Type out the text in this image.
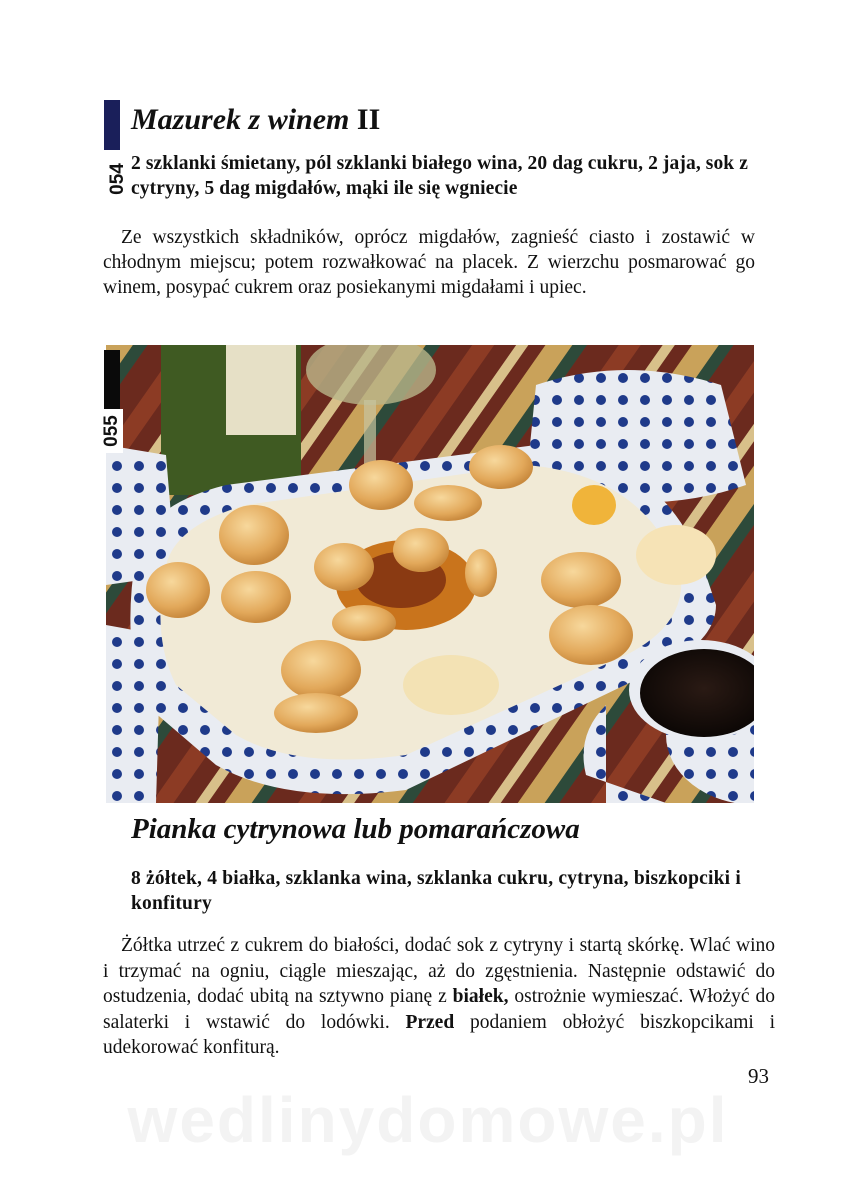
054
Mazurek z winem II

2 szklanki śmietany, pól szklanki białego wina, 20 dag cukru, 2 jaja, sok z cytryny, 5 dag migdałów, mąki ile się wgniecie

Ze wszystkich składników, oprócz migdałów, zagnieść ciasto i zostawić w chłodnym miejscu; potem rozwałkować na placek. Z wierzchu posmarować go winem, posypać cukrem oraz posiekanymi migdałami i upiec.

055
Pianka cytrynowa lub pomarańczowa

8 żółtek, 4 białka, szklanka wina, szklanka cukru, cytryna, biszkopciki i konfitury

Żółtka utrzeć z cukrem do białości, dodać sok z cytryny i startą skórkę. Wlać wino i trzymać na ogniu, ciągle mieszając, aż do zgęstnienia. Następnie odstawić do ostudzenia, dodać ubitą na sztywno pianę z białek, ostrożnie wymieszać. Włożyć do salaterki i wstawić do lodówki. Przed podaniem obłożyć biszkopcikami i udekorować konfiturą.

93

wedlinydomowe.pl
